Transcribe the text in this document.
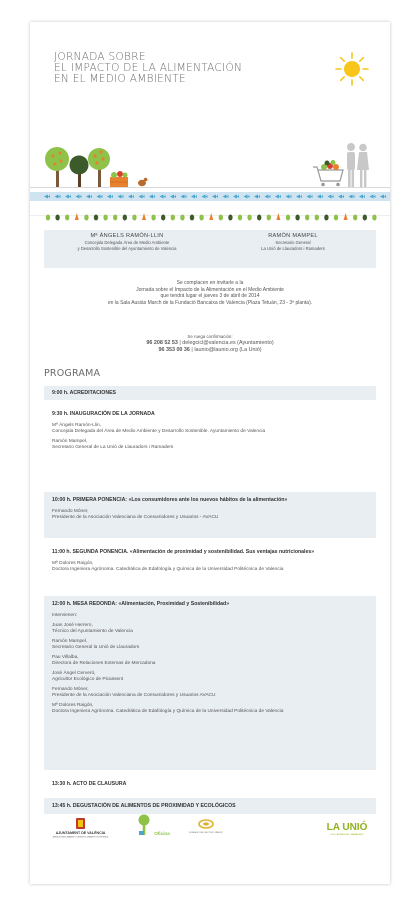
JORNADA SOBRE
EL IMPACTO DE LA ALIMENTACIÓN
EN EL MEDIO AMBIENTE
Mª ÀNGELS RAMÓN-LLIN
Concejala Delegada Área de Medio Ambiente
y Desarrollo Sostenible del Ayuntamiento de Valencia
RAMÓN MAMPEL
Secretario General
La Unió de Llauradors i Ramaders
Se complacen en invitarle a la
Jornada sobre el Impacto de la Alimentación en el Medio Ambiente
que tendrá lugar el jueves 3 de abril de 2014
en la Sala Ausiàs March de la Fundació Bancaixa de Valencia (Plaza Tetuán, 23 - 3ª planta).
Se ruega confirmación:
96 208 52 53 | delegcicl@valencia.es (Ayuntamiento)
96 353 00 36 | launio@launio.org (La Unió)
PROGRAMA
9:00 h. ACREDITACIONES
9:30 h. INAUGURACIÓN DE LA JORNADA
Mª Àngels Ramón-Llin,
Concejala Delegada del Área de Medio Ambiente y Desarrollo Sostenible. Ayuntamiento de Valencia
Ramón Mampel,
Secretario General de La Unió de Llauradors i Ramaders
10:00 h. PRIMERA PONENCIA: «Los consumidores ante los nuevos hábitos de la alimentación»
Fernando Móner,
Presidente de la Asociación Valenciana de Consumidores y Usuarios - AVACU
11:00 h. SEGUNDA PONENCIA. «Alimentación de proximidad y sostenibilidad. Sus ventajas nutricionales»
Mª Dolores Raigón,
Doctora Ingeniera Agrónoma. Catedrática de Edafología y Química de la Universidad Politécnica de Valencia
12:00 h. MESA REDONDA: «Alimentación, Proximidad y Sostenibilidad»
Intervienen:
Juan José Herrero,
Técnico del Ayuntamiento de Valencia
Ramón Mampel,
Secretario General la Unió de Llauradors
Pau Villalba,
Directora de Relaciones Externas de Mercadona
José Àngel Cerveró,
Agricultor Ecológico de Picassent
Fernando Móner,
Presidente de la Asociación Valenciana de Consumidores y Usuarios AVACU
Mª Dolores Raigón,
Doctora Ingeniera Agrónoma. Catedrática de Edafología y Química de la Universidad Politécnica de Valencia
13:30 h. ACTO DE CLAUSURA
13:45 h. DEGUSTACIÓN DE ALIMENTOS DE PROXIMIDAD Y ECOLÓGICOS
AJUNTAMENT DE VALÈNCIA
ÀREA DE MEDI AMBIENT I DESENVOLUPAMENT SOSTENIBLE
Oficina	FUNDACIÓ DEL SECTOR CLIMÀTIC	LA UNIÓ
DE LLAURADORS I RAMADERS
